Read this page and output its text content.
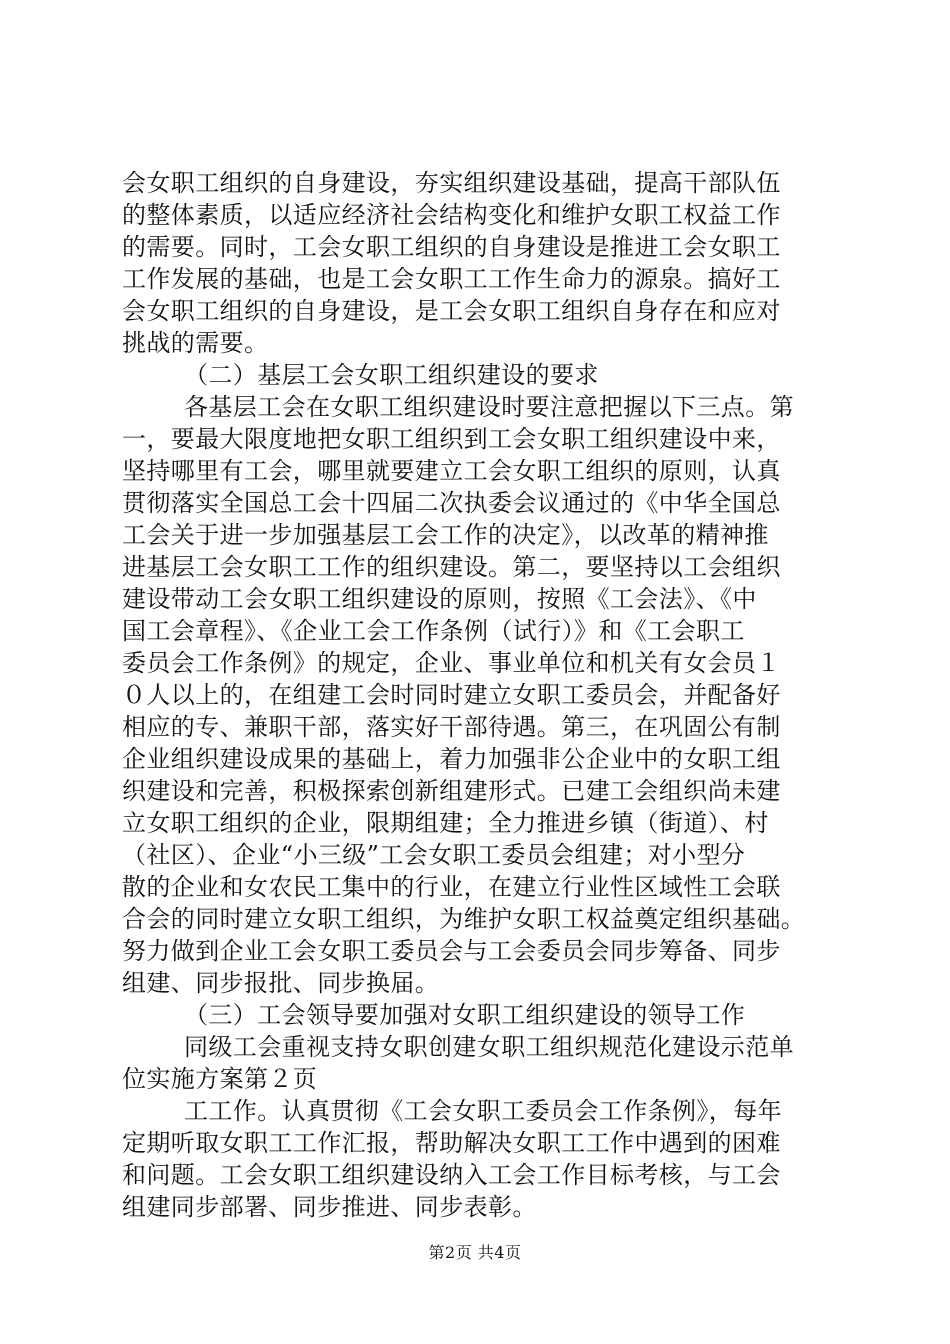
会女职工组织的自身建设，夯实组织建设基础，提高干部队伍
的整体素质，以适应经济社会结构变化和维护女职工权益工作
的需要。同时，工会女职工组织的自身建设是推进工会女职工
工作发展的基础，也是工会女职工工作生命力的源泉。搞好工
会女职工组织的自身建设，是工会女职工组织自身存在和应对
挑战的需要。
（二）基层工会女职工组织建设的要求
各基层工会在女职工组织建设时要注意把握以下三点。第
一，要最大限度地把女职工组织到工会女职工组织建设中来，
坚持哪里有工会，哪里就要建立工会女职工组织的原则，认真
贯彻落实全国总工会十四届二次执委会议通过的《中华全国总
工会关于进一步加强基层工会工作的决定》，以改革的精神推
进基层工会女职工工作的组织建设。第二，要坚持以工会组织
建设带动工会女职工组织建设的原则，按照《工会法》、《中
国工会章程》、《企业工会工作条例（试行）》和《工会职工
委员会工作条例》的规定，企业、事业单位和机关有女会员１
０人以上的，在组建工会时同时建立女职工委员会，并配备好
相应的专、兼职干部，落实好干部待遇。第三，在巩固公有制
企业组织建设成果的基础上，着力加强非公企业中的女职工组
织建设和完善，积极探索创新组建形式。已建工会组织尚未建
立女职工组织的企业，限期组建；全力推进乡镇（街道）、村
（社区）、企业“小三级”工会女职工委员会组建；对小型分
散的企业和女农民工集中的行业，在建立行业性区域性工会联
合会的同时建立女职工组织，为维护女职工权益奠定组织基础。
努力做到企业工会女职工委员会与工会委员会同步筹备、同步
组建、同步报批、同步换届。
（三）工会领导要加强对女职工组织建设的领导工作
同级工会重视支持女职创建女职工组织规范化建设示范单
位实施方案第２页
工工作。认真贯彻《工会女职工委员会工作条例》，每年
定期听取女职工工作汇报，帮助解决女职工工作中遇到的困难
和问题。工会女职工组织建设纳入工会工作目标考核，与工会
组建同步部署、同步推进、同步表彰。
第2页 共4页
